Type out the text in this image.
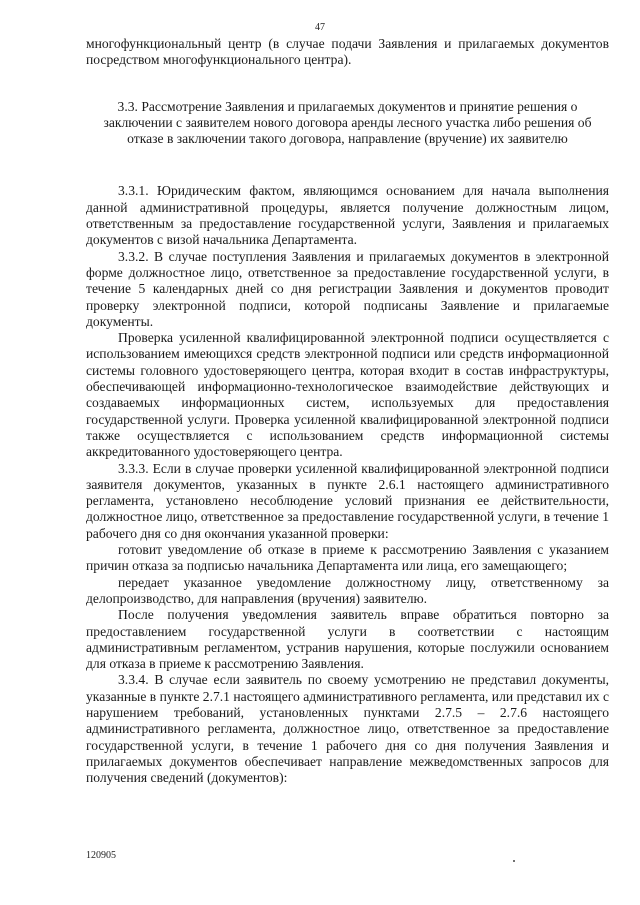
47

многофункциональный центр (в случае подачи Заявления и прилагаемых документов посредством многофункционального центра).

3.3. Рассмотрение Заявления и прилагаемых документов и принятие решения о заключении с заявителем нового договора аренды лесного участка либо решения об отказе в заключении такого договора, направление (вручение) их заявителю

3.3.1. Юридическим фактом, являющимся основанием для начала выполнения данной административной процедуры, является получение должностным лицом, ответственным за предоставление государственной услуги, Заявления и прилагаемых документов с визой начальника Департамента.

3.3.2. В случае поступления Заявления и прилагаемых документов в электронной форме должностное лицо, ответственное за предоставление государственной услуги, в течение 5 календарных дней со дня регистрации Заявления и документов проводит проверку электронной подписи, которой подписаны Заявление и прилагаемые документы.

Проверка усиленной квалифицированной электронной подписи осуществляется с использованием имеющихся средств электронной подписи или средств информационной системы головного удостоверяющего центра, которая входит в состав инфраструктуры, обеспечивающей информационно-технологическое взаимодействие действующих и создаваемых информационных систем, используемых для предоставления государственной услуги. Проверка усиленной квалифицированной электронной подписи также осуществляется с использованием средств информационной системы аккредитованного удостоверяющего центра.

3.3.3. Если в случае проверки усиленной квалифицированной электронной подписи заявителя документов, указанных в пункте 2.6.1 настоящего административного регламента, установлено несоблюдение условий признания ее действительности, должностное лицо, ответственное за предоставление государственной услуги, в течение 1 рабочего дня со дня окончания указанной проверки:

готовит уведомление об отказе в приеме к рассмотрению Заявления с указанием причин отказа за подписью начальника Департамента или лица, его замещающего;

передает указанное уведомление должностному лицу, ответственному за делопроизводство, для направления (вручения) заявителю.

После получения уведомления заявитель вправе обратиться повторно за предоставлением государственной услуги в соответствии с настоящим административным регламентом, устранив нарушения, которые послужили основанием для отказа в приеме к рассмотрению Заявления.

3.3.4. В случае если заявитель по своему усмотрению не представил документы, указанные в пункте 2.7.1 настоящего административного регламента, или представил их с нарушением требований, установленных пунктами 2.7.5 – 2.7.6 настоящего административного регламента, должностное лицо, ответственное за предоставление государственной услуги, в течение 1 рабочего дня со дня получения Заявления и прилагаемых документов обеспечивает направление межведомственных запросов для получения сведений (документов):

120905
